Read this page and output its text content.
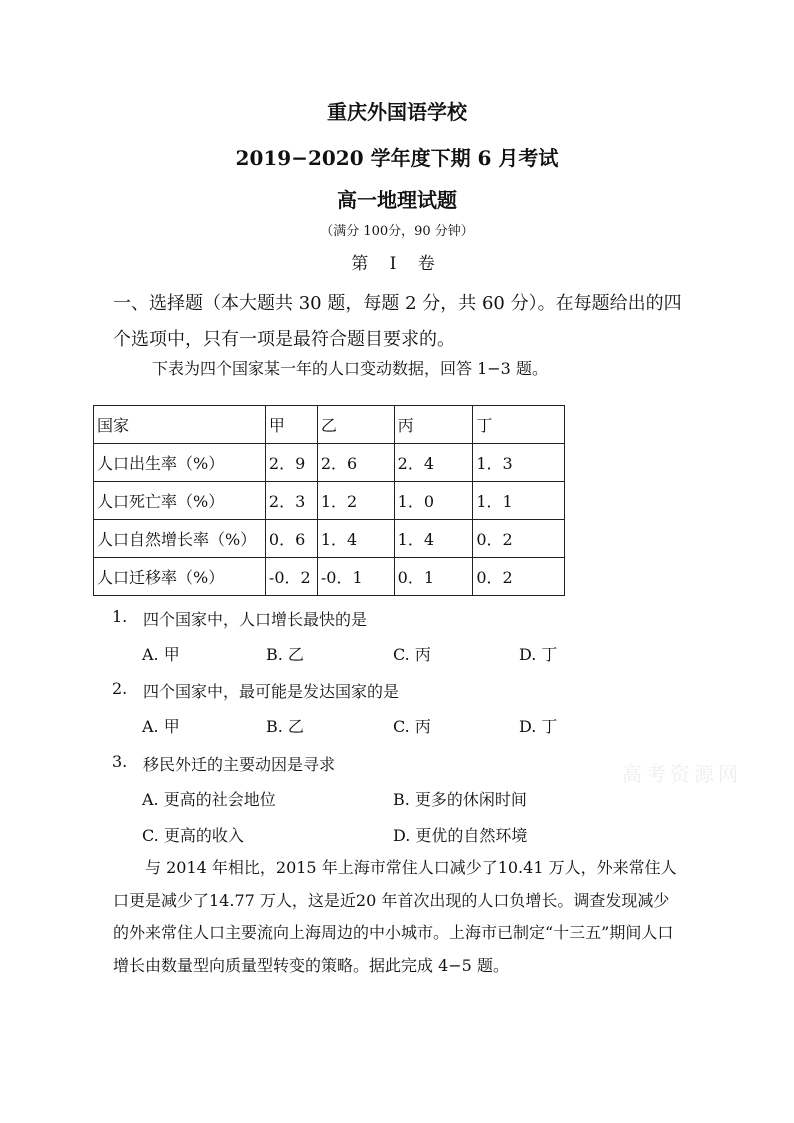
重庆外国语学校
2019−2020 学年度下期 6 月考试
高一地理试题
（满分 100分，90 分钟）
第 Ⅰ 卷
一、选择题（本大题共 30 题，每题 2 分，共 60 分）。在每题给出的四个选项中，只有一项是最符合题目要求的。
下表为四个国家某一年的人口变动数据，回答 1−3 题。
国家	甲	乙	丙	丁
人口出生率（%）	2．9	2．6	2．4	1．3
人口死亡率（%）	2．3	1．2	1．0	1．1
人口自然增长率（%）	0．6	1．4	1．4	0．2
人口迁移率（%）	-0．2	-0．1	0．1	0．2
1. 四个国家中，人口增长最快的是
A. 甲	B. 乙	C. 丙	D. 丁
2. 四个国家中，最可能是发达国家的是
A. 甲	B. 乙	C. 丙	D. 丁
3. 移民外迁的主要动因是寻求
A. 更高的社会地位	B. 更多的休闲时间
C. 更高的收入	D. 更优的自然环境
高考资源网

与 2014 年相比，2015 年上海市常住人口减少了10.41 万人，外来常住人口更是减少了14.77 万人，这是近20 年首次出现的人口负增长。调查发现减少的外来常住人口主要流向上海周边的中小城市。上海市已制定“十三五”期间人口增长由数量型向质量型转变的策略。据此完成 4−5 题。
